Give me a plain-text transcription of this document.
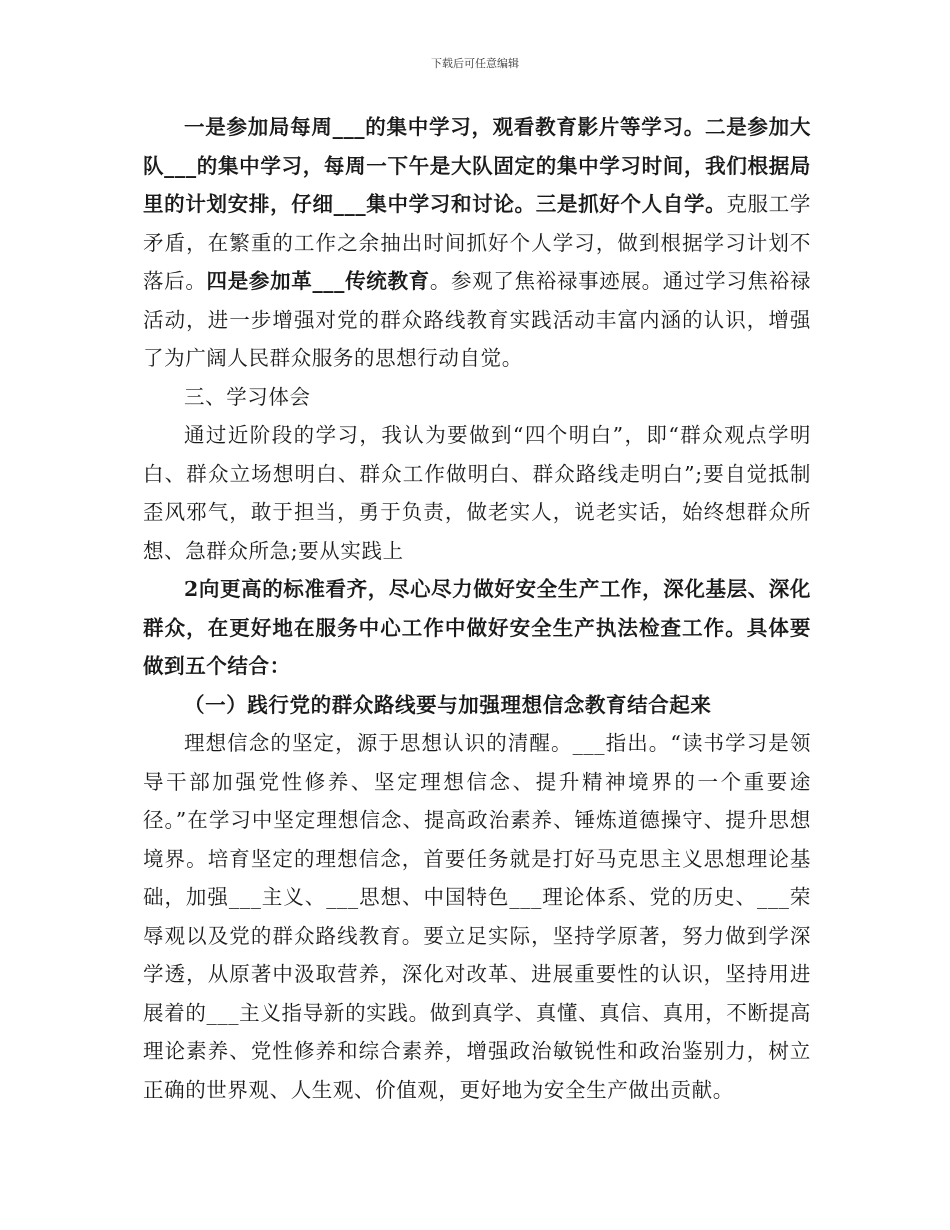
下载后可任意编辑

一是参加局每周___的集中学习，观看教育影片等学习。二是参加大队___的集中学习，每周一下午是大队固定的集中学习时间，我们根据局里的计划安排，仔细___集中学习和讨论。三是抓好个人自学。克服工学矛盾，在繁重的工作之余抽出时间抓好个人学习，做到根据学习计划不落后。四是参加革___传统教育。参观了焦裕禄事迹展。通过学习焦裕禄活动，进一步增强对党的群众路线教育实践活动丰富内涵的认识，增强了为广阔人民群众服务的思想行动自觉。

三、学习体会

通过近阶段的学习，我认为要做到“四个明白”，即“群众观点学明白、群众立场想明白、群众工作做明白、群众路线走明白”;要自觉抵制歪风邪气，敢于担当，勇于负责，做老实人，说老实话，始终想群众所想、急群众所急;要从实践上

2向更高的标准看齐，尽心尽力做好安全生产工作，深化基层、深化群众，在更好地在服务中心工作中做好安全生产执法检查工作。具体要做到五个结合：

（一）践行党的群众路线要与加强理想信念教育结合起来

理想信念的坚定，源于思想认识的清醒。___指出。“读书学习是领导干部加强党性修养、坚定理想信念、提升精神境界的一个重要途径。”在学习中坚定理想信念、提高政治素养、锤炼道德操守、提升思想境界。培育坚定的理想信念，首要任务就是打好马克思主义思想理论基础，加强___主义、___思想、中国特色___理论体系、党的历史、___荣辱观以及党的群众路线教育。要立足实际，坚持学原著，努力做到学深学透，从原著中汲取营养，深化对改革、进展重要性的认识，坚持用进展着的___主义指导新的实践。做到真学、真懂、真信、真用，不断提高理论素养、党性修养和综合素养，增强政治敏锐性和政治鉴别力，树立正确的世界观、人生观、价值观，更好地为安全生产做出贡献。
